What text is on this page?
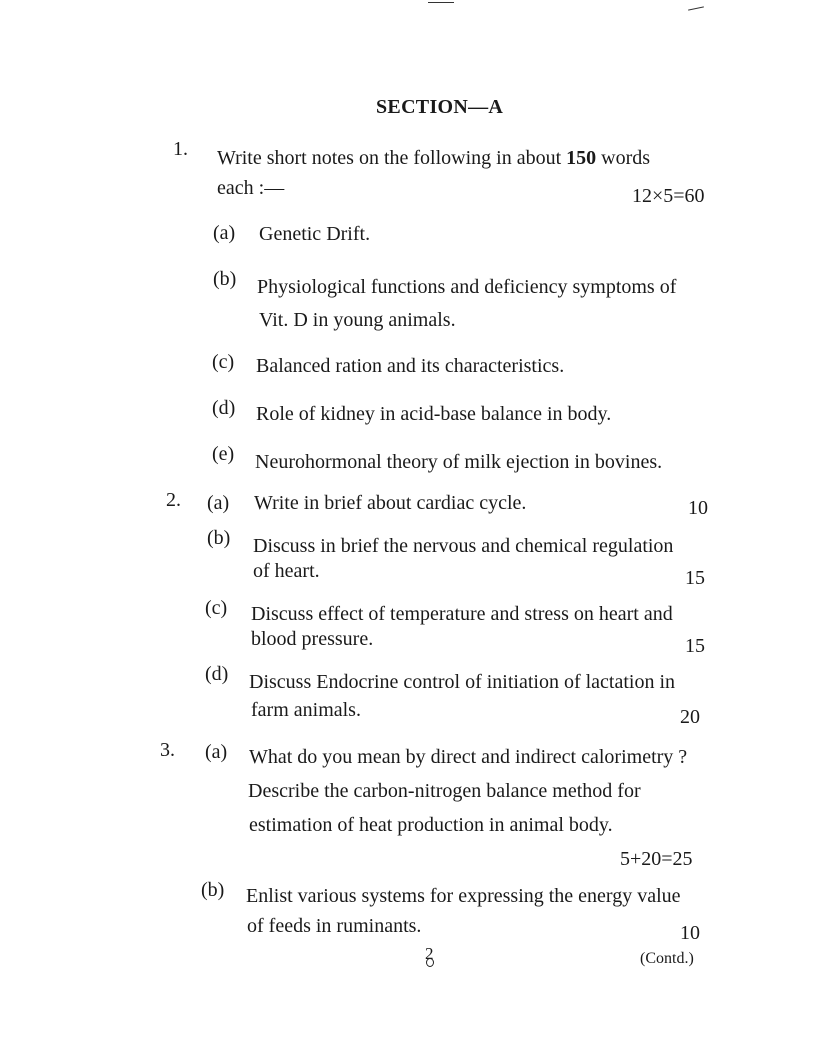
SECTION—A
1. Write short notes on the following in about 150 words
each :—	12×5=60
(a) Genetic Drift.
(b) Physiological functions and deficiency symptoms of
Vit. D in young animals.
(c) Balanced ration and its characteristics.
(d) Role of kidney in acid-base balance in body.
(e) Neurohormonal theory of milk ejection in bovines.
2. (a) Write in brief about cardiac cycle.	10
(b) Discuss in brief the nervous and chemical regulation
of heart.	15
(c) Discuss effect of temperature and stress on heart and
blood pressure.	15
(d) Discuss Endocrine control of initiation of lactation in
farm animals.	20
3. (a) What do you mean by direct and indirect calorimetry ?
Describe the carbon-nitrogen balance method for
estimation of heat production in animal body.
5+20=25
(b) Enlist various systems for expressing the energy value
of feeds in ruminants.	10
2	(Contd.)
